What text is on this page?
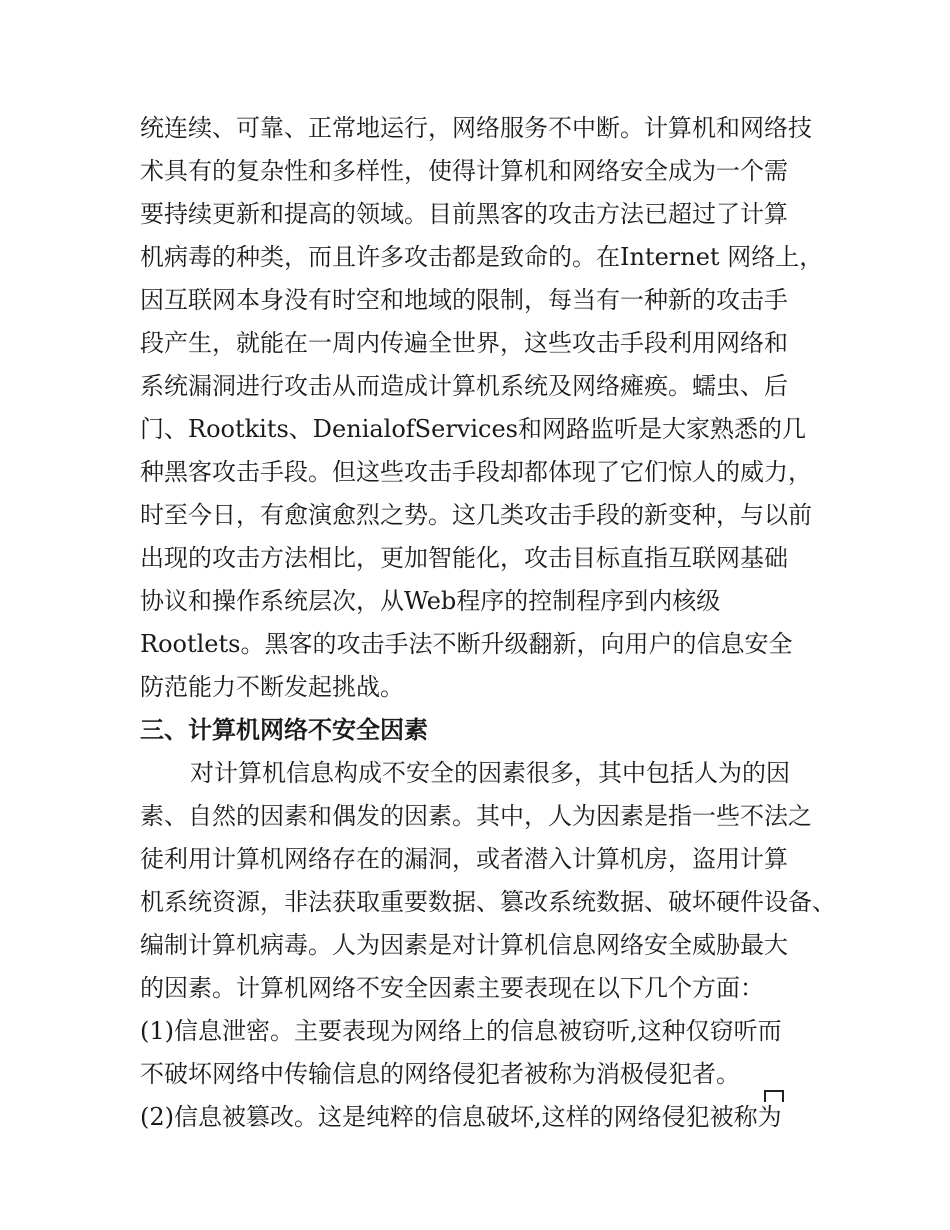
统连续、可靠、正常地运行，网络服务不中断。计算机和网络技
术具有的复杂性和多样性，使得计算机和网络安全成为一个需
要持续更新和提高的领域。目前黑客的攻击方法已超过了计算
机病毒的种类，而且许多攻击都是致命的。在Internet 网络上，
因互联网本身没有时空和地域的限制，每当有一种新的攻击手
段产生，就能在一周内传遍全世界，这些攻击手段利用网络和
系统漏洞进行攻击从而造成计算机系统及网络瘫痪。蠕虫、后
门、Rootkits、DenialofServices和网路监听是大家熟悉的几
种黑客攻击手段。但这些攻击手段却都体现了它们惊人的威力，
时至今日，有愈演愈烈之势。这几类攻击手段的新变种，与以前
出现的攻击方法相比，更加智能化，攻击目标直指互联网基础
协议和操作系统层次，从Web程序的控制程序到内核级
Rootlets。黑客的攻击手法不断升级翻新，向用户的信息安全
防范能力不断发起挑战。
三、计算机网络不安全因素
对计算机信息构成不安全的因素很多，其中包括人为的因
素、自然的因素和偶发的因素。其中，人为因素是指一些不法之
徒利用计算机网络存在的漏洞，或者潜入计算机房，盗用计算
机系统资源，非法获取重要数据、篡改系统数据、破坏硬件设备、
编制计算机病毒。人为因素是对计算机信息网络安全威胁最大
的因素。计算机网络不安全因素主要表现在以下几个方面：
(1)信息泄密。主要表现为网络上的信息被窃听,这种仅窃听而
不破坏网络中传输信息的网络侵犯者被称为消极侵犯者。
(2)信息被篡改。这是纯粹的信息破坏,这样的网络侵犯被称为
